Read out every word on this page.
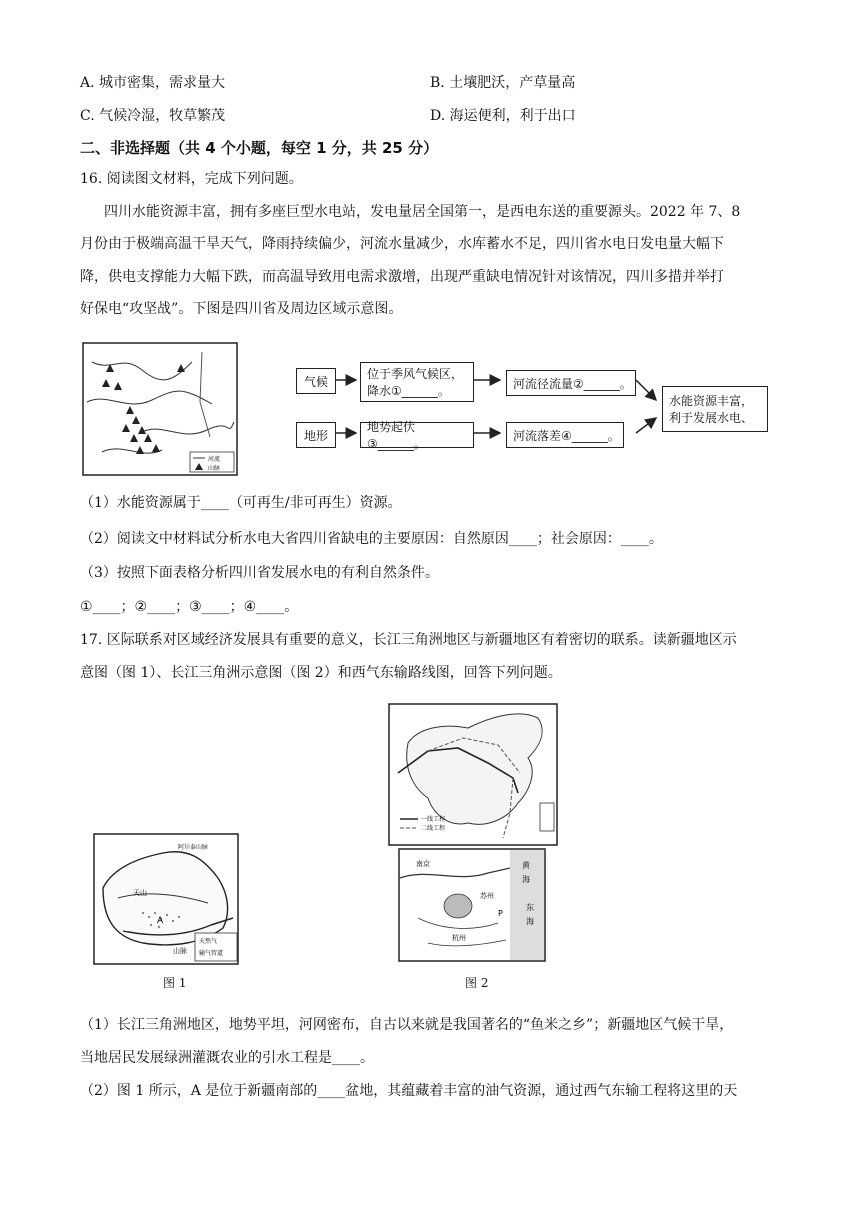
A. 城市密集，需求量大	B. 土壤肥沃，产草量高
C. 气候冷湿，牧草繁茂	D. 海运便利，利于出口
二、非选择题（共 4 个小题，每空 1 分，共 25 分）
16. 阅读图文材料，完成下列问题。
四川水能资源丰富，拥有多座巨型水电站，发电量居全国第一，是西电东送的重要源头。2022 年 7、8
月份由于极端高温干旱天气，降雨持续偏少，河流水量减少，水库蓄水不足，四川省水电日发电量大幅下
降，供电支撑能力大幅下跌，而高温导致用电需求激增，出现严重缺电情况针对该情况，四川多措并举打
好保电“攻坚战”。下图是四川省及周边区域示意图。
河流
山脉
气候
位于季风气候区，
降水①______。
河流径流量②______。
地形
地势起伏③______。
河流落差④______。
水能资源丰富，
利于发展水电、
（1）水能资源属于____（可再生/非可再生）资源。
（2）阅读文中材料试分析水电大省四川省缺电的主要原因：自然原因____；社会原因：____。
（3）按照下面表格分析四川省发展水电的有利自然条件。
①____；②____；③____；④____。
17. 区际联系对区域经济发展具有重要的意义，长江三角洲地区与新疆地区有着密切的联系。读新疆地区示
意图（图 1）、长江三角洲示意图（图 2）和西气东输路线图，回答下列问题。
一线工程
二线工程
南京
苏州
杭州
黄
海
东
海
P
阿尔泰山脉
天山
A
山脉
天然气
输气管道
图 1	图 2
（1）长江三角洲地区，地势平坦，河网密布，自古以来就是我国著名的“鱼米之乡”；新疆地区气候干旱，
当地居民发展绿洲灌溉农业的引水工程是____。
（2）图 1 所示，A 是位于新疆南部的____盆地，其蕴藏着丰富的油气资源，通过西气东输工程将这里的天
